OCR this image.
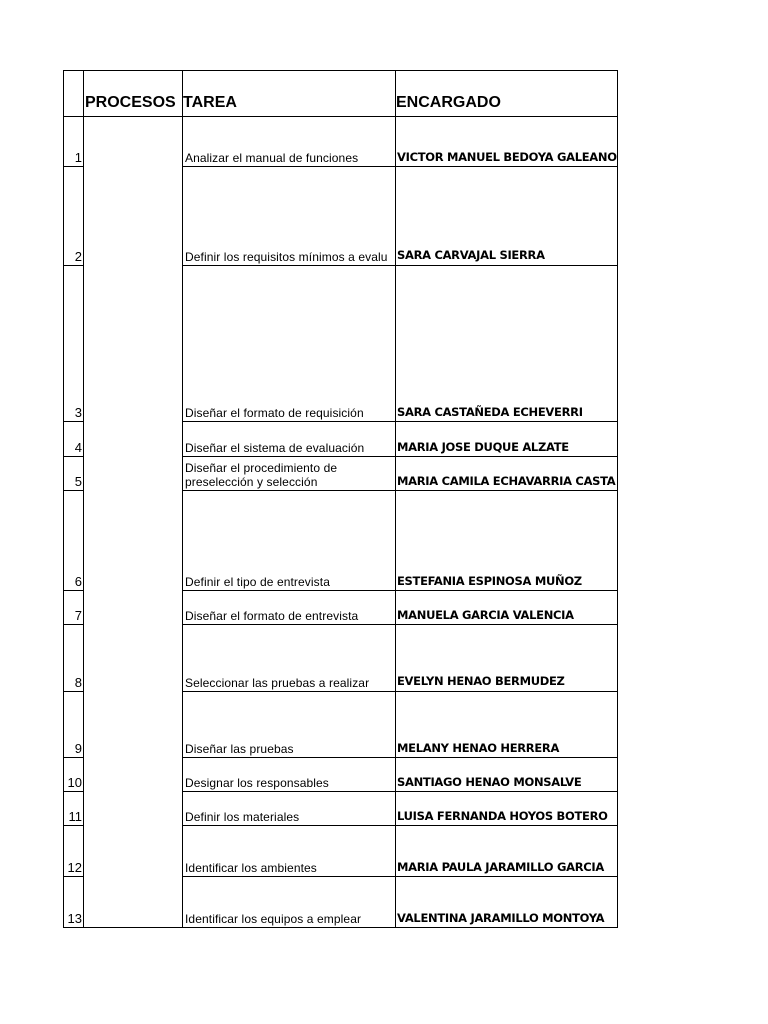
	PROCESOS	TAREA	ENCARGADO
1		Analizar el manual de funciones	VICTOR MANUEL BEDOYA GALEANO
2		Definir los requisitos mínimos a evalu	SARA CARVAJAL SIERRA
3		Diseñar el formato de requisición	SARA CASTAÑEDA ECHEVERRI
4		Diseñar el sistema de evaluación	MARIA JOSE DUQUE ALZATE
5		Diseñar el procedimiento de preselección y selección	MARIA CAMILA ECHAVARRIA CASTA
6		Definir el tipo de entrevista	ESTEFANIA ESPINOSA MUÑOZ
7		Diseñar el formato de entrevista	MANUELA GARCIA VALENCIA
8		Seleccionar las pruebas a realizar	EVELYN HENAO BERMUDEZ
9		Diseñar las pruebas	MELANY HENAO HERRERA
10		Designar los responsables	SANTIAGO HENAO MONSALVE
11		Definir los materiales	LUISA FERNANDA HOYOS BOTERO
12		Identificar los ambientes	MARIA PAULA JARAMILLO GARCIA
13		Identificar los equipos a emplear	VALENTINA JARAMILLO MONTOYA
